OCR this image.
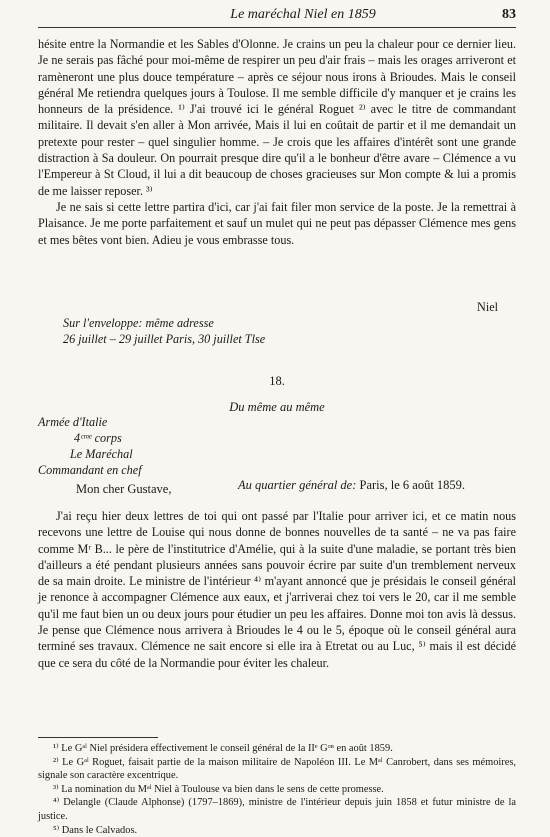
Le maréchal Niel en 1859	83

hésite entre la Normandie et les Sables d'Olonne. Je crains un peu la chaleur pour ce dernier lieu. Je ne serais pas fâché pour moi-même de respirer un peu d'air frais – mais les orages arriveront et ramèneront une plus douce température – après ce séjour nous irons à Brioudes. Mais le conseil général Me retiendra quelques jours à Toulose. Il me semble difficile d'y manquer et je crains les honneurs de la présidence. ¹⁾ J'ai trouvé ici le général Roguet ²⁾ avec le titre de commandant militaire. Il devait s'en aller à Mon arrivée, Mais il lui en coûtait de partir et il me demandait un pretexte pour rester – quel singulier homme. – Je crois que les affaires d'intérêt sont une grande distraction à Sa douleur. On pourrait presque dire qu'il a le bonheur d'être avare – Clémence a vu l'Empereur à St Cloud, il lui a dit beaucoup de choses gracieuses sur Mon compte & lui a promis de me laisser reposer. ³⁾

Je ne sais si cette lettre partira d'ici, car j'ai fait filer mon service de la poste. Je la remettrai à Plaisance. Je me porte parfaitement et sauf un mulet qui ne peut pas dépasser Clémence mes gens et mes bêtes vont bien. Adieu je vous embrasse tous.

Niel
Sur l'enveloppe: même adresse
26 juillet – 29 juillet Paris, 30 juillet Tlse
18.
Du même au même
Armée d'Italie
4ᶜᵐᵉ corps
Le Maréchal
Commandant en chef
Mon cher Gustave,	Au quartier général de: Paris, le 6 août 1859.

J'ai reçu hier deux lettres de toi qui ont passé par l'Italie pour arriver ici, et ce matin nous recevons une lettre de Louise qui nous donne de bonnes nouvelles de ta santé – ne va pas faire comme Mʳ B... le père de l'institutrice d'Amélie, qui à la suite d'une maladie, se portant très bien d'ailleurs a été pendant plusieurs années sans pouvoir écrire par suite d'un tremblement nerveux de sa main droite. Le ministre de l'intérieur ⁴⁾ m'ayant annoncé que je présidais le conseil général je renonce à accompagner Clémence aux eaux, et j'arriverai chez toi vers le 20, car il me semble qu'il me faut bien un ou deux jours pour étudier un peu les affaires. Donne moi ton avis là dessus. Je pense que Clémence nous arrivera à Brioudes le 4 ou le 5, époque où le conseil général aura terminé ses travaux. Clémence ne sait encore si elle ira à Etretat ou au Luc, ⁵⁾ mais il est décidé que ce sera du côté de la Normandie pour éviter les chaleur.

¹⁾ Le Gᵃˡ Niel présidera effectivement le conseil général de la IIᵉ Gᵒⁿ en août 1859.

²⁾ Le Gᵃˡ Roguet, faisait partie de la maison militaire de Napoléon III. Le Mᵃˡ Canrobert, dans ses mémoires, signale son caractère excentrique.

³⁾ La nomination du Mᵃˡ Niel à Toulouse va bien dans le sens de cette promesse.

⁴⁾ Delangle (Claude Alphonse) (1797–1869), ministre de l'intérieur depuis juin 1858 et futur ministre de la justice.

⁵⁾ Dans le Calvados.
